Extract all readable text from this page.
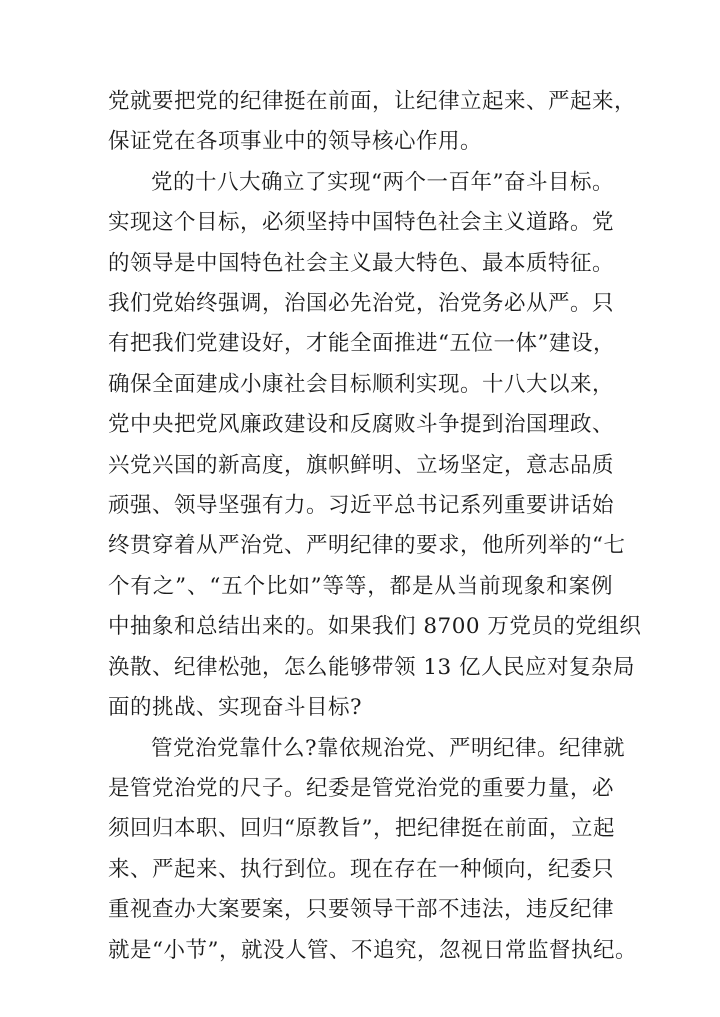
党就要把党的纪律挺在前面，让纪律立起来、严起来，
保证党在各项事业中的领导核心作用。

党的十八大确立了实现“两个一百年”奋斗目标。
实现这个目标，必须坚持中国特色社会主义道路。党
的领导是中国特色社会主义最大特色、最本质特征。
我们党始终强调，治国必先治党，治党务必从严。只
有把我们党建设好，才能全面推进“五位一体”建设，
确保全面建成小康社会目标顺利实现。十八大以来，
党中央把党风廉政建设和反腐败斗争提到治国理政、
兴党兴国的新高度，旗帜鲜明、立场坚定，意志品质
顽强、领导坚强有力。习近平总书记系列重要讲话始
终贯穿着从严治党、严明纪律的要求，他所列举的“七
个有之”、“五个比如”等等，都是从当前现象和案例
中抽象和总结出来的。如果我们 8700 万党员的党组织
涣散、纪律松弛，怎么能够带领 13 亿人民应对复杂局
面的挑战、实现奋斗目标?

管党治党靠什么?靠依规治党、严明纪律。纪律就
是管党治党的尺子。纪委是管党治党的重要力量，必
须回归本职、回归“原教旨”，把纪律挺在前面，立起
来、严起来、执行到位。现在存在一种倾向，纪委只
重视查办大案要案，只要领导干部不违法，违反纪律
就是“小节”，就没人管、不追究，忽视日常监督执纪。
